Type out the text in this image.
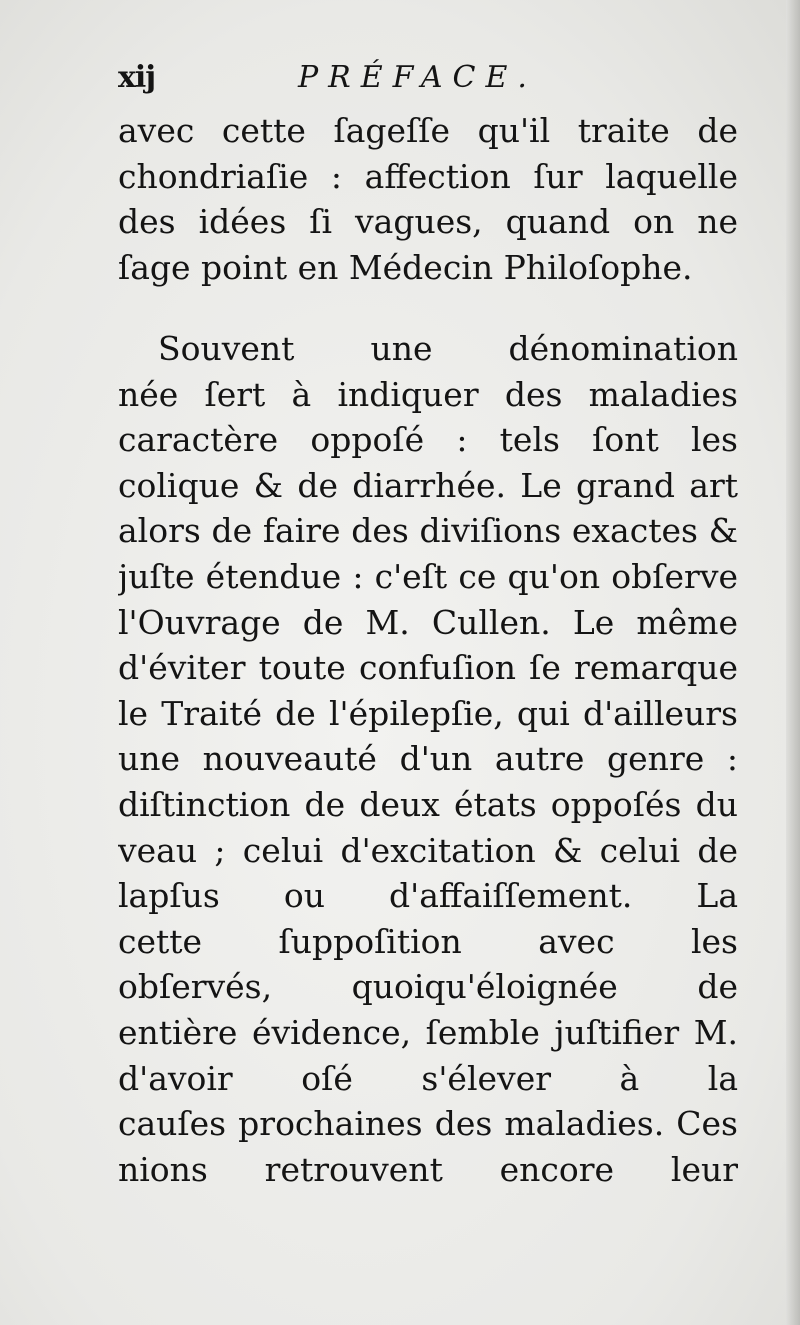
xij	PRÉFACE.
avec cette ſageſſe qu'il traite de
chondriaſie : affection ſur laquelle
des idées ſi vagues, quand on ne
ſage point en Médecin Philoſophe.
Souvent une dénomination
née ſert à indiquer des maladies
caractère oppoſé : tels ſont les
colique & de diarrhée. Le grand art
alors de faire des diviſions exactes &
juſte étendue : c'eſt ce qu'on obſerve
l'Ouvrage de M. Cullen. Le même
d'éviter toute confuſion ſe remarque
le Traité de l'épilepſie, qui d'ailleurs
une nouveauté d'un autre genre :
diſtinction de deux états oppoſés du
veau ; celui d'excitation & celui de
lapſus ou d'affaiſſement. La
cette ſuppoſition avec les
obſervés, quoiqu'éloignée de
entière évidence, ſemble juſtifier M.
d'avoir oſé s'élever à la
cauſes prochaines des maladies. Ces
nions retrouvent encore leur
